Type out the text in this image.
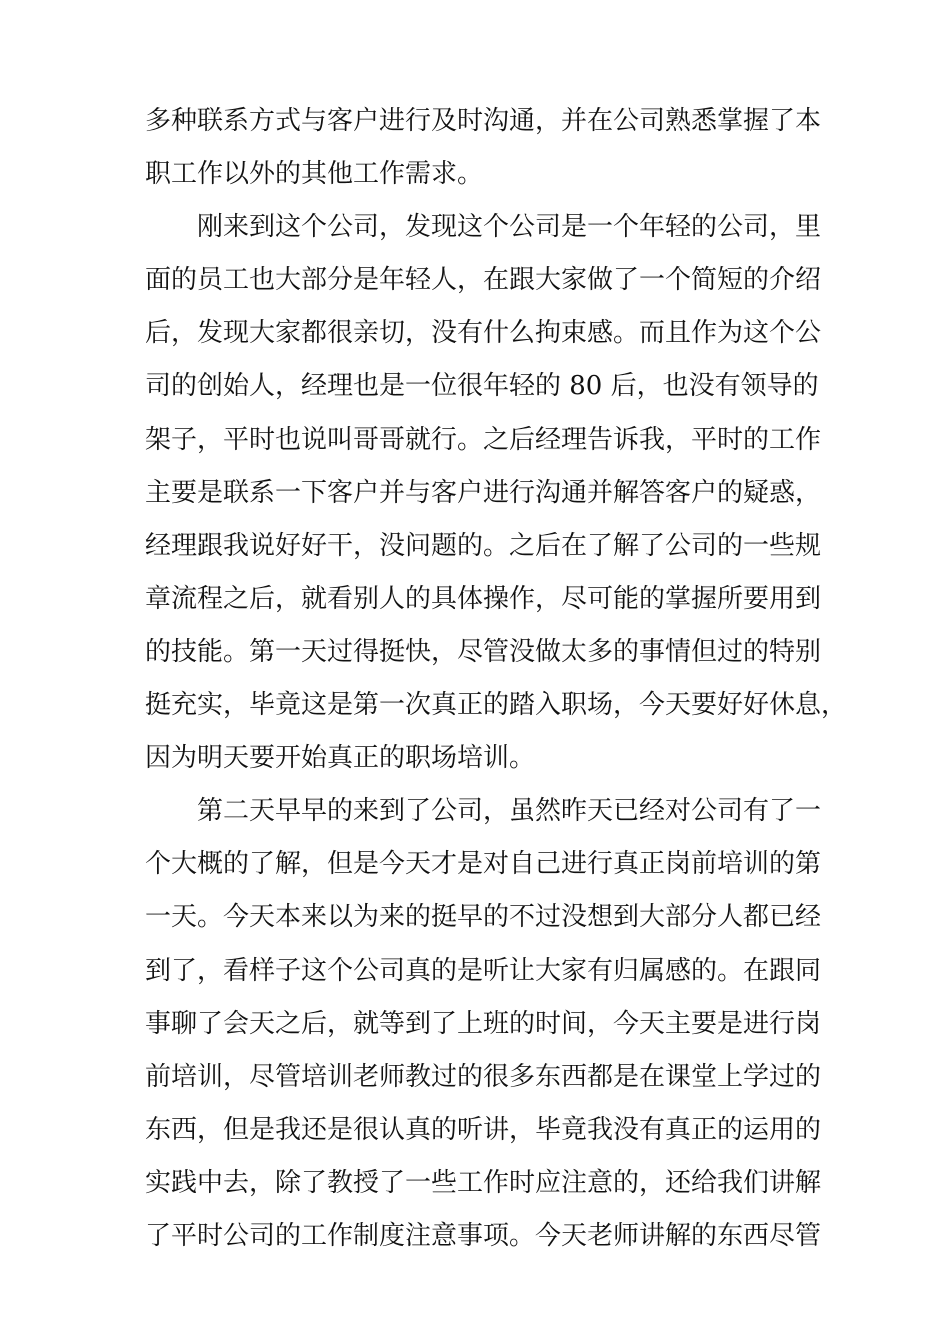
多种联系方式与客户进行及时沟通，并在公司熟悉掌握了本
职工作以外的其他工作需求。
刚来到这个公司，发现这个公司是一个年轻的公司，里
面的员工也大部分是年轻人，在跟大家做了一个简短的介绍
后，发现大家都很亲切，没有什么拘束感。而且作为这个公
司的创始人，经理也是一位很年轻的 80 后，也没有领导的
架子，平时也说叫哥哥就行。之后经理告诉我，平时的工作
主要是联系一下客户并与客户进行沟通并解答客户的疑惑，
经理跟我说好好干，没问题的。之后在了解了公司的一些规
章流程之后，就看别人的具体操作，尽可能的掌握所要用到
的技能。第一天过得挺快，尽管没做太多的事情但过的特别
挺充实，毕竟这是第一次真正的踏入职场，今天要好好休息，
因为明天要开始真正的职场培训。
第二天早早的来到了公司，虽然昨天已经对公司有了一
个大概的了解，但是今天才是对自己进行真正岗前培训的第
一天。今天本来以为来的挺早的不过没想到大部分人都已经
到了，看样子这个公司真的是听让大家有归属感的。在跟同
事聊了会天之后，就等到了上班的时间，今天主要是进行岗
前培训，尽管培训老师教过的很多东西都是在课堂上学过的
东西，但是我还是很认真的听讲，毕竟我没有真正的运用的
实践中去，除了教授了一些工作时应注意的，还给我们讲解
了平时公司的工作制度注意事项。今天老师讲解的东西尽管
